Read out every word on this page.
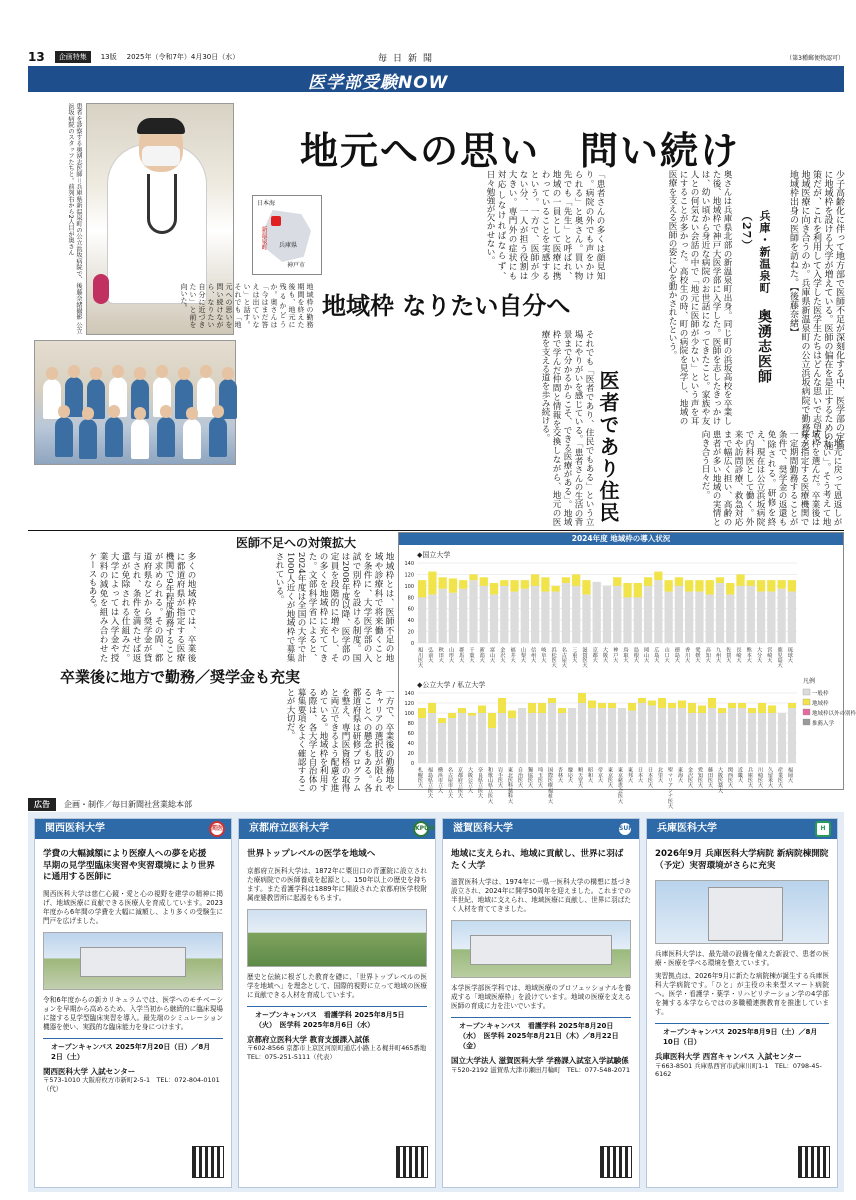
13	企画特集	13版 2025年（令和7年）4月30日（水）	毎日新聞	（第3種郵便物認可）
医学部受験NOW
患者を診察する奥湧志医師＝兵庫県新温泉町の公立浜坂病院で、後藤奈緒撮影 公立浜坂病院のスタッフたちと。前列右から2人目が奥さん	地元への思い　問い続け
地域枠 なりたい自分へ
医者であり住民
兵庫・新温泉町　奥湧志医師（27）	少子高齢化に伴って地方部で医師不足が深刻化する中、医学部の定員に地域枠を設ける大学が増えている。医師の偏在を是正するための施策だが、これを利用して入学した医学生たちはどんな思いで志望し、地域医療に向き合うのか。兵庫県新温泉町の公立浜坂病院で勤務する地域枠出身の医師を訪ねた。【後藤奈緒】
奥さんは兵庫県北部の新温泉町出身。同じ町の浜坂高校を卒業した後、地域枠で神戸大医学部に入学した。医師を志したきっかけは、幼い頃から身近な病院のお世話になってきたこと。家族や友人との何気ない会話の中で「地元に医師が少ない」という声を耳にすることが多かった。高校生の時、町の病院を見学し、地域の医療を支える医師の姿に心を動かされたという。
「地元に戻って恩返しがしたい」。そう考えて地域枠を選んだ。卒業後は県が指定する医療機関で一定期間勤務することが条件で、奨学金の返還も免除される。研修を終え、現在は公立浜坂病院で内科医として働く。外来や訪問診療、救急対応まで幅広く担い、高齢の患者が多い地域の実情と向き合う日々だ。
「患者さんの多くは顔見知り。病院の外でも声をかけられる」と奥さん。買い物先でも「先生」と呼ばれ、地域の一員として医療に携わっていることを実感するという。一方で、医師が少ない分、一人が担う役割は大きい。専門外の症状にも対応しなければならず、日々勉強が欠かせない。
それでも「医者であり、住民でもある」という立場にやりがいを感じている。「患者さんの生活の背景まで分かるからこそ、できる医療がある」。地域枠で学んだ仲間と情報を交換しながら、地元の医療を支える道を歩み続ける。
地域枠の勤務期間を終えた後も、地元に残るかどうか。奥さんは「今はまだ答えは出ていない」と話す。それでも「地元への思いを問い続けながら、なりたい自分に近づきたい」と前を向いた。
日本海
新温泉町 兵庫県
神戸市
医師不足への対策拡大
卒業後に地方で勤務／奨学金も充実
地域枠とは、医師不足の地域や診療科で将来働くことを条件に、大学医学部の入試で別枠を設ける制度。国は2008年度以降、医学部の定員を段階的に増やし、その多くを地域枠に充ててきた。文部科学省によると、2024年度は全国の大学で計1000人近くが地域枠で募集されている。
多くの地域枠では、卒業後に都道府県が指定する医療機関で9年程度勤務することが求められる。その間、都道府県などから奨学金が貸与され、条件を満たせば返還が免除される仕組みだ。大学によっては入学金や授業料の減免を組み合わせたケースもある。
一方で、卒業後の勤務地やキャリアの選択肢が限られることへの懸念もある。各都道府県は研修プログラムを整え、専門医資格の取得と両立できるよう配慮を進めている。地域枠を利用する際は、各大学と自治体の募集要項をよく確認することが大切だ。
2024年度 地域枠の導入状況
◆国立大学
0
20
40
60
80
100
120
140
旭川医大 弘前大 秋田大 山形大 群馬大 千葉大 新潟大 富山大 金沢大 福井大 山梨大 信州大 岐阜大 浜松医大 名古屋大 三重大 滋賀医大 京都大 大阪大 神戸大 鳥取大 島根大 岡山大 広島大 山口大 徳島大 香川大 愛媛大 高知大 九州大 佐賀大 長崎大 熊本大 大分大 宮崎大 鹿児島大 琉球大
◆公立大学 / 私立大学
0
20
40
60
80
100
120
140
札幌医大 福島県立医大 横浜市立大 名古屋市立大 京都府立医大 大阪公立大 奈良県立医大 和歌山県立医大 岩手医大 東北医科薬科大 自治医大 獨協医大 埼玉医大 国際医療福祉大 杏林大 慶応大 順天堂大 昭和大 帝京大 東京医大 東京慈恵会医大 東邦大 日本大 日本医大 北里大 聖マリアンナ医大 東海大 金沢医大 愛知医大 藤田医大 大阪医薬大 関西医大 近畿大 兵庫医大 川崎医大 久留米大 産業医大 福岡大
凡例
一般枠
地域枠
地域枠以外の別枠
推薦入学
広告	企画・制作／毎日新聞社営業総本部
関西医科大学	関医
学費の大幅減額により医療人への夢を応援　早期の見学型臨床実習や実習環境により世界に通用する医師に
関西医科大学は慈仁心鏡・愛と心の視野を建学の精神に掲げ、地域医療に貢献できる医療人を育成しています。2023年度から6年間の学費を大幅に減額し、より多くの受験生に門戸を広げました。
令和6年度からの新カリキュラムでは、医学へのモチベーションを早期から高めるため、入学当初から継続的に臨床現場に接する見学型臨床実習を導入。最先端のシミュレーション機器を使い、実践的な臨床能力を身につけます。
オープンキャンパス 2025年7月20日（日）／8月2日（土）
関西医科大学 入試センター
〒573-1010 大阪府枚方市新町2-5-1　TEL：072-804-0101（代）
京都府立医科大学	KPUM
世界トップレベルの医学を地域へ
京都府立医科大学は、1872年に粟田口の青蓮院に設立された療病院での医師養成を起源とし、150年以上の歴史を持ちます。また看護学科は1889年に開設された京都府医学校附属産婆教習所に起源をもちます。
歴史と伝統に根ざした教育を礎に、「世界トップレベルの医学を地域へ」を理念として、国際的視野に立って地域の医療に貢献できる人材を育成しています。
オープンキャンパス　看護学科 2025年8月5日（火）　医学科 2025年8月6日（水）
京都府立医科大学 教育支援課入試係
〒602-8566 京都市上京区河原町通広小路上る梶井町465番地　TEL：075-251-5111（代表）
滋賀医科大学	SUMS
地域に支えられ、地域に貢献し、世界に羽ばたく大学
滋賀医科大学は、1974年に一県一医科大学の構想に基づき設立され、2024年に開学50周年を迎えました。これまでの半世紀、地域に支えられ、地域医療に貢献し、世界に羽ばたく人材を育ててきました。
本学医学部医学科では、地域医療のプロフェッショナルを養成する「地域医療枠」を設けています。地域の医療を支える医師の育成に力を注いでいます。
オープンキャンパス　看護学科 2025年8月20日（水）　医学科 2025年8月21日（木）／8月22日（金）
国立大学法人 滋賀医科大学 学務課入試室入学試験係
〒520-2192 滋賀県大津市瀬田月輪町　TEL：077-548-2071
兵庫医科大学	H
2026年9月 兵庫医科大学病院 新病院棟開院（予定）実習環境がさらに充実
兵庫医科大学は、最先端の設備を備えた新設で、患者の医療・医療を学べる環境を整えています。
実習拠点は、2026年9月に新たな病院棟が誕生する兵庫医科大学病院です。「ひと」が主役の未来型スマート病院へ。医学・看護学・薬学・リハビリテーション学の4学部を擁する本学ならではの多職種連携教育を推進しています。
オープンキャンパス 2025年8月9日（土）／8月10日（日）
兵庫医科大学 西宮キャンパス 入試センター
〒663-8501 兵庫県西宮市武庫川町1-1　TEL：0798-45-6162
